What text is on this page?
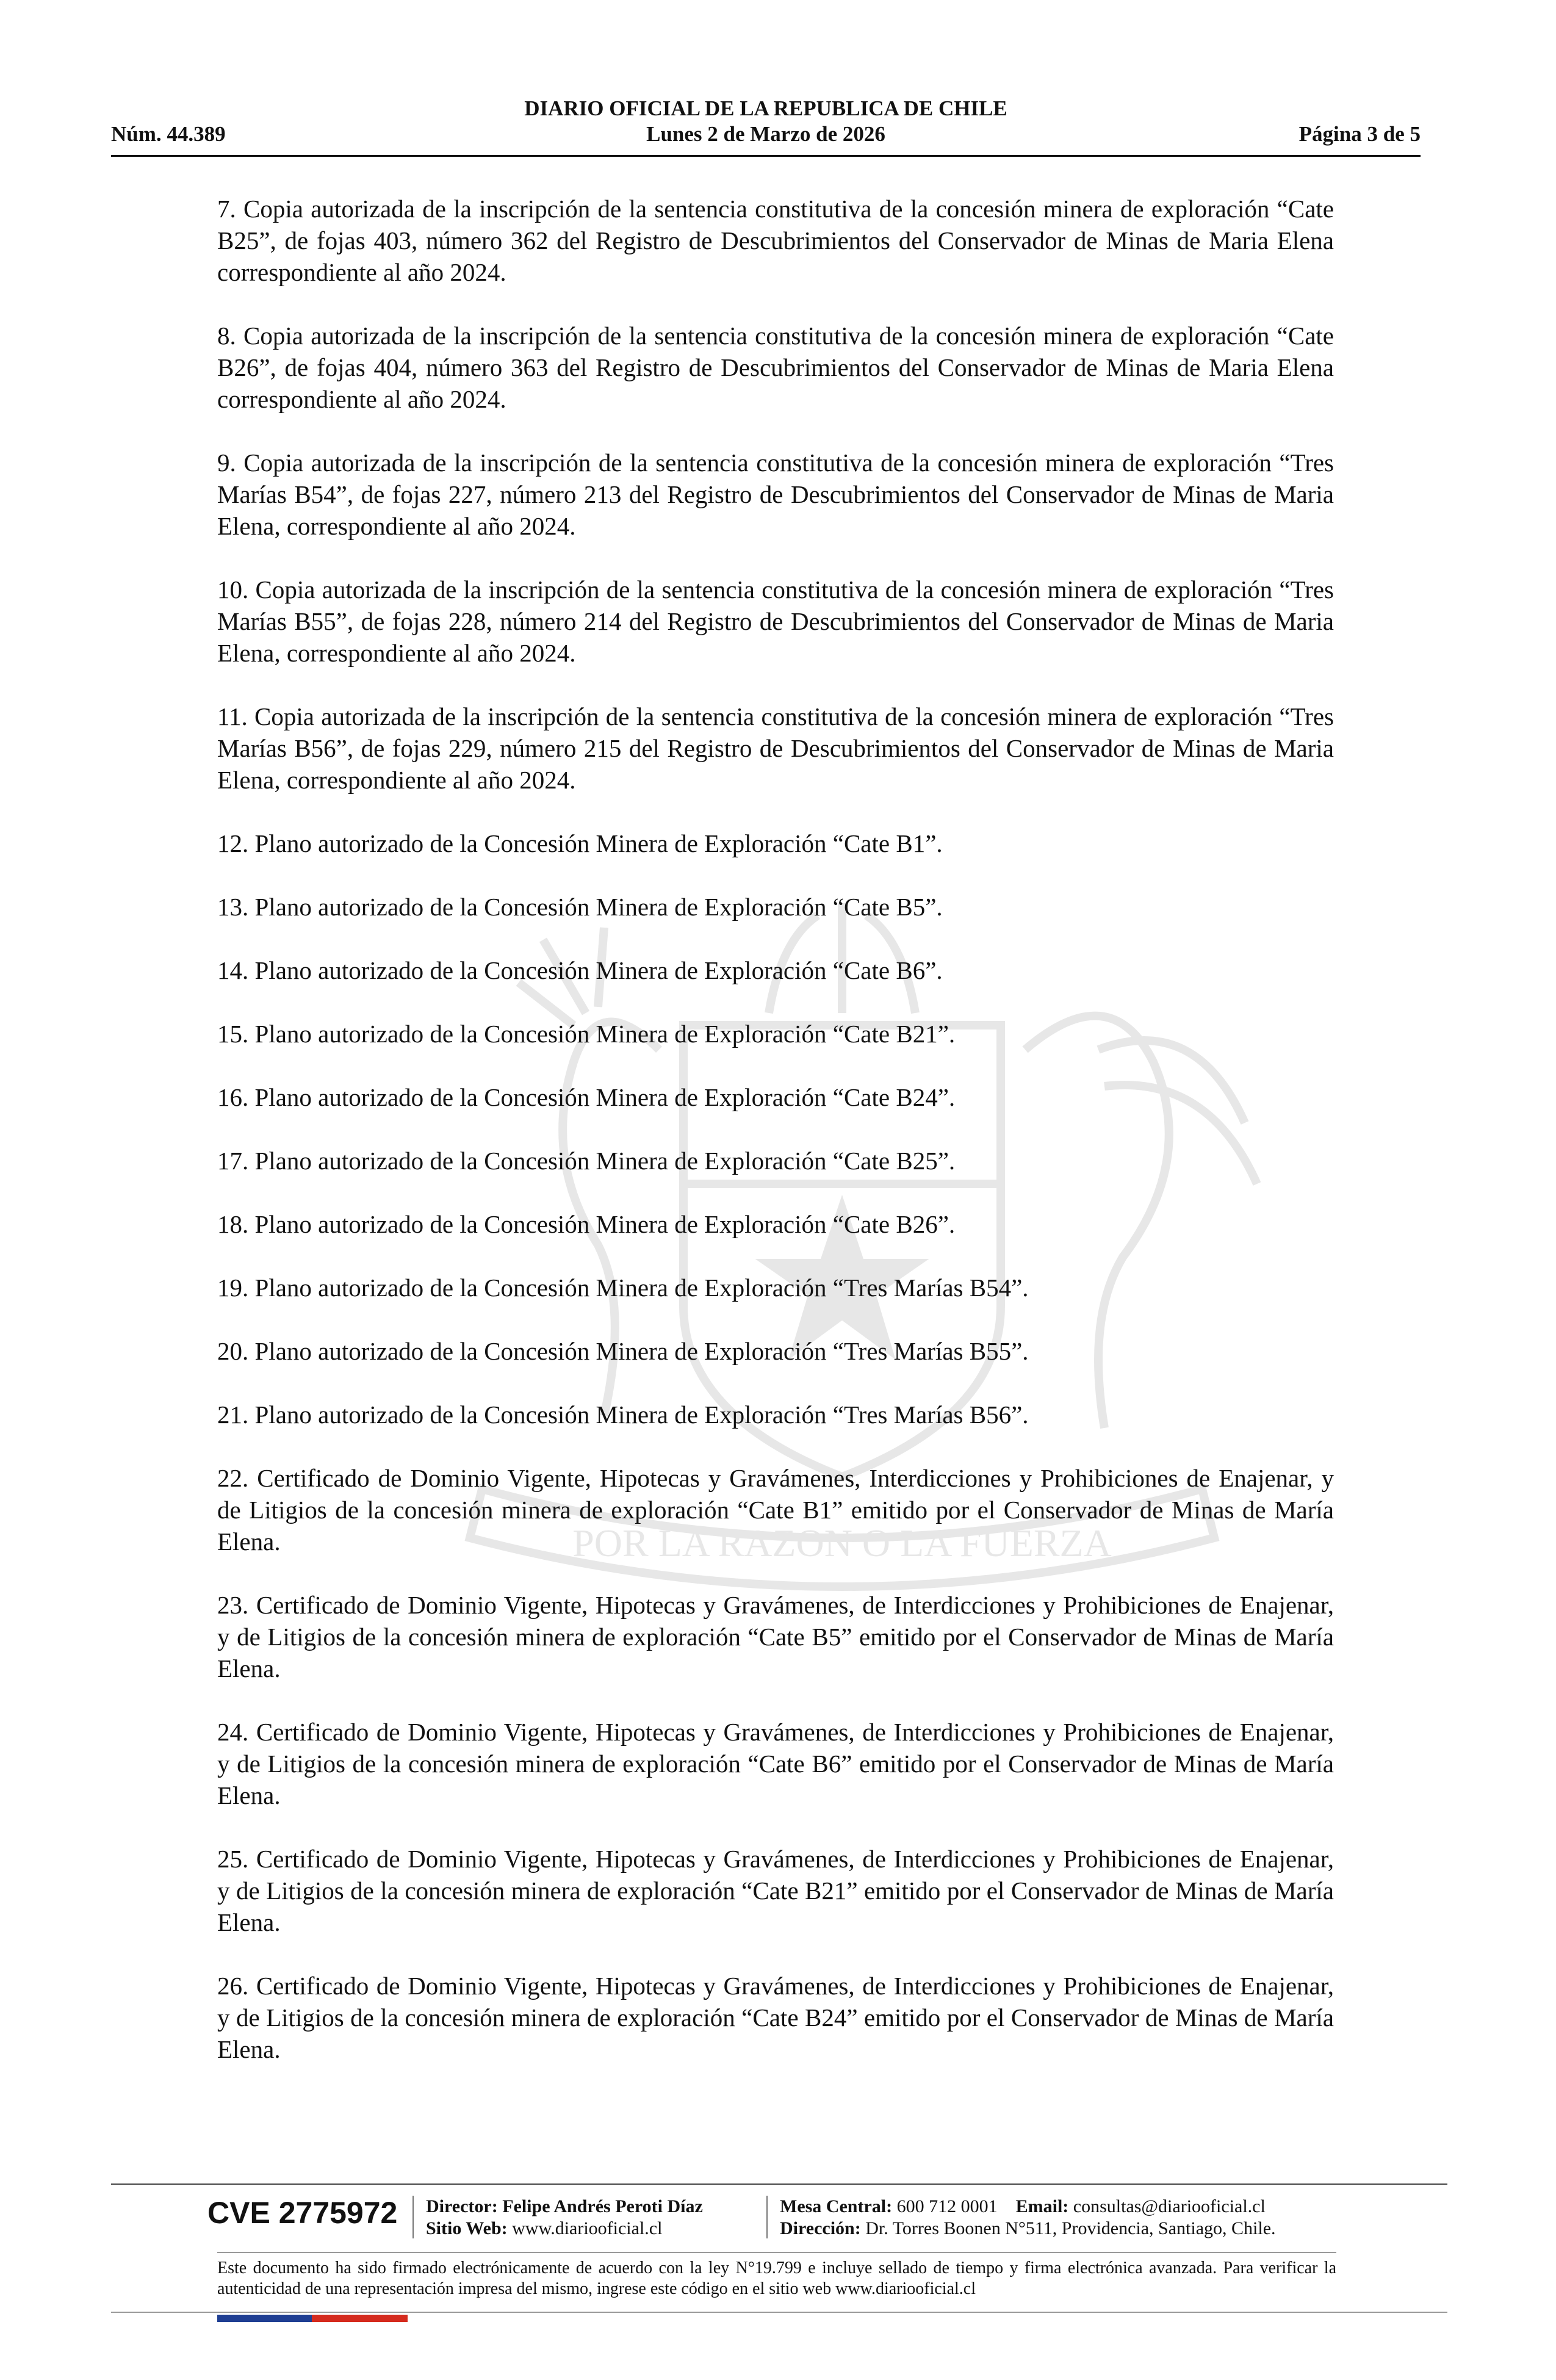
POR LA RAZON O LA FUERZA
DIARIO OFICIAL DE LA REPUBLICA DE CHILE
Núm. 44.389	Lunes 2 de Marzo de 2026	Página 3 de 5

7. Copia autorizada de la inscripción de la sentencia constitutiva de la concesión minera de exploración “Cate B25”, de fojas 403, número 362 del Registro de Descubrimientos del Conservador de Minas de Maria Elena correspondiente al año 2024.

8. Copia autorizada de la inscripción de la sentencia constitutiva de la concesión minera de exploración “Cate B26”, de fojas 404, número 363 del Registro de Descubrimientos del Conservador de Minas de Maria Elena correspondiente al año 2024.

9. Copia autorizada de la inscripción de la sentencia constitutiva de la concesión minera de exploración “Tres Marías B54”, de fojas 227, número 213 del Registro de Descubrimientos del Conservador de Minas de Maria Elena, correspondiente al año 2024.

10. Copia autorizada de la inscripción de la sentencia constitutiva de la concesión minera de exploración “Tres Marías B55”, de fojas 228, número 214 del Registro de Descubrimientos del Conservador de Minas de Maria Elena, correspondiente al año 2024.

11. Copia autorizada de la inscripción de la sentencia constitutiva de la concesión minera de exploración “Tres Marías B56”, de fojas 229, número 215 del Registro de Descubrimientos del Conservador de Minas de Maria Elena, correspondiente al año 2024.

12. Plano autorizado de la Concesión Minera de Exploración “Cate B1”.

13. Plano autorizado de la Concesión Minera de Exploración “Cate B5”.

14. Plano autorizado de la Concesión Minera de Exploración “Cate B6”.

15. Plano autorizado de la Concesión Minera de Exploración “Cate B21”.

16. Plano autorizado de la Concesión Minera de Exploración “Cate B24”.

17. Plano autorizado de la Concesión Minera de Exploración “Cate B25”.

18. Plano autorizado de la Concesión Minera de Exploración “Cate B26”.

19. Plano autorizado de la Concesión Minera de Exploración “Tres Marías B54”.

20. Plano autorizado de la Concesión Minera de Exploración “Tres Marías B55”.

21. Plano autorizado de la Concesión Minera de Exploración “Tres Marías B56”.

22. Certificado de Dominio Vigente, Hipotecas y Gravámenes, Interdicciones y Prohibiciones de Enajenar, y de Litigios de la concesión minera de exploración “Cate B1” emitido por el Conservador de Minas de María Elena.

23. Certificado de Dominio Vigente, Hipotecas y Gravámenes, de Interdicciones y Prohibiciones de Enajenar, y de Litigios de la concesión minera de exploración “Cate B5” emitido por el Conservador de Minas de María Elena.

24. Certificado de Dominio Vigente, Hipotecas y Gravámenes, de Interdicciones y Prohibiciones de Enajenar, y de Litigios de la concesión minera de exploración “Cate B6” emitido por el Conservador de Minas de María Elena.

25. Certificado de Dominio Vigente, Hipotecas y Gravámenes, de Interdicciones y Prohibiciones de Enajenar, y de Litigios de la concesión minera de exploración “Cate B21” emitido por el Conservador de Minas de María Elena.

26. Certificado de Dominio Vigente, Hipotecas y Gravámenes, de Interdicciones y Prohibiciones de Enajenar, y de Litigios de la concesión minera de exploración “Cate B24” emitido por el Conservador de Minas de María Elena.

CVE 2775972 Director: Felipe Andrés Peroti Díaz
Sitio Web: www.diariooficial.cl
Mesa Central: 600 712 0001 Email: consultas@diariooficial.cl
Dirección: Dr. Torres Boonen N°511, Providencia, Santiago, Chile.
Este documento ha sido firmado electrónicamente de acuerdo con la ley N°19.799 e incluye sellado de tiempo y firma electrónica avanzada. Para verificar la autenticidad de una representación impresa del mismo, ingrese este código en el sitio web www.diariooficial.cl
